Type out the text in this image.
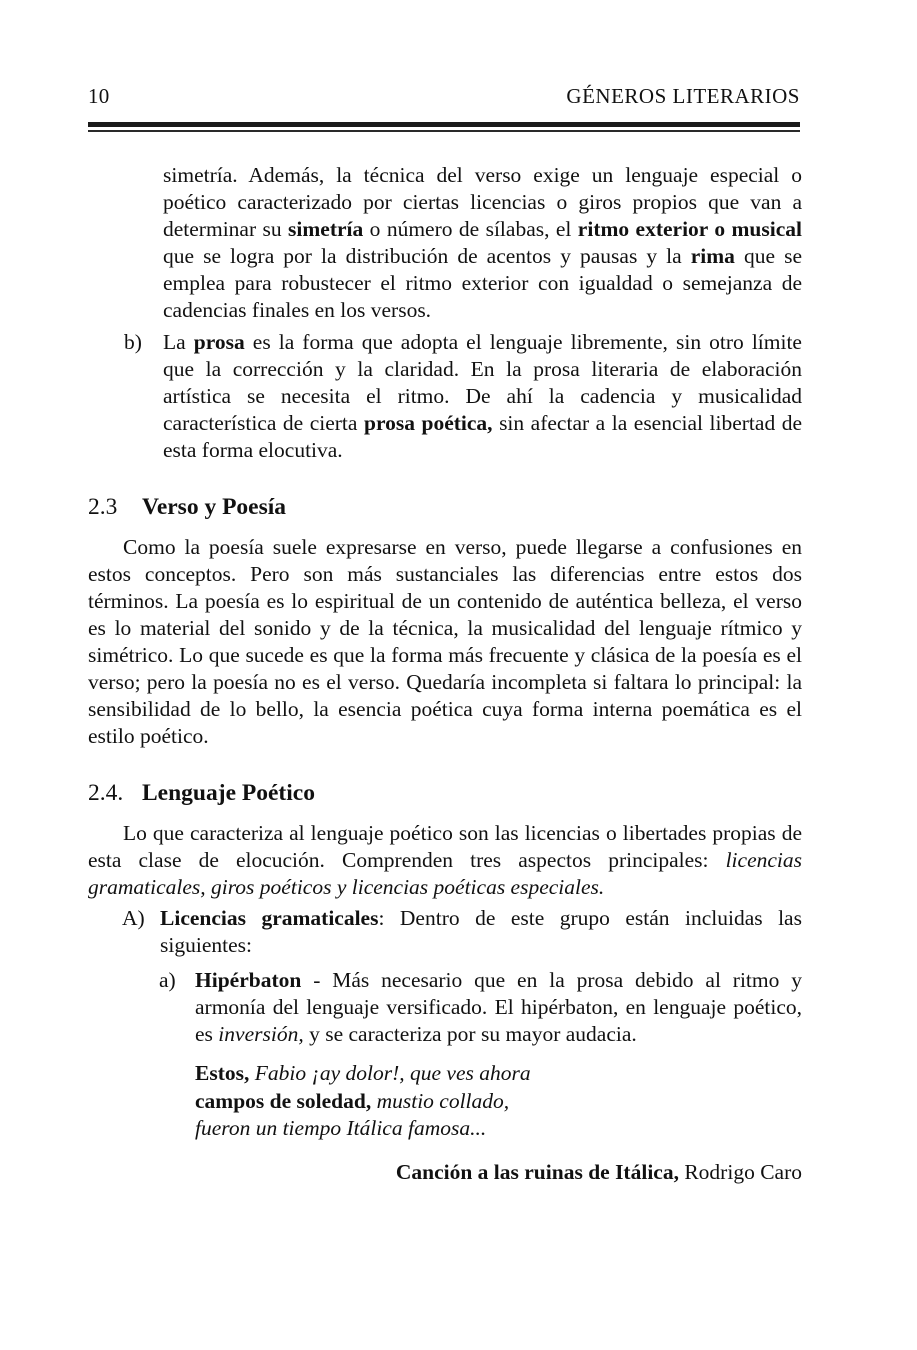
10	GÉNEROS LITERARIOS

simetría. Además, la técnica del verso exige un lenguaje especial o poético caracterizado por ciertas licencias o giros propios que van a determinar su simetría o número de sílabas, el ritmo exterior o musical que se logra por la distribución de acentos y pausas y la rima que se emplea para robustecer el ritmo exterior con igualdad o semejanza de cadencias finales en los versos.

b) La prosa es la forma que adopta el lenguaje libremente, sin otro límite que la corrección y la claridad. En la prosa literaria de elaboración artística se necesita el ritmo. De ahí la cadencia y musicalidad característica de cierta prosa poética, sin afectar a la esencial libertad de esta forma elocutiva.

2.3 Verso y Poesía

Como la poesía suele expresarse en verso, puede llegarse a confusiones en estos conceptos. Pero son más sustanciales las diferencias entre estos dos términos. La poesía es lo espiritual de un contenido de auténtica belleza, el verso es lo material del sonido y de la técnica, la musicalidad del lenguaje rítmico y simétrico. Lo que sucede es que la forma más frecuente y clásica de la poesía es el verso; pero la poesía no es el verso. Quedaría incompleta si faltara lo principal: la sensibilidad de lo bello, la esencia poética cuya forma interna poemática es el estilo poético.

2.4. Lenguaje Poético

Lo que caracteriza al lenguaje poético son las licencias o libertades propias de esta clase de elocución. Comprenden tres aspectos principales: licencias gramaticales, giros poéticos y licencias poéticas especiales.

A) Licencias gramaticales: Dentro de este grupo están incluidas las siguientes:

a) Hipérbaton - Más necesario que en la prosa debido al ritmo y armonía del lenguaje versificado. El hipérbaton, en lenguaje poético, es inversión, y se caracteriza por su mayor audacia.

Estos, Fabio ¡ay dolor!, que ves ahora
campos de soledad, mustio collado,
fueron un tiempo Itálica famosa...

Canción a las ruinas de Itálica, Rodrigo Caro
